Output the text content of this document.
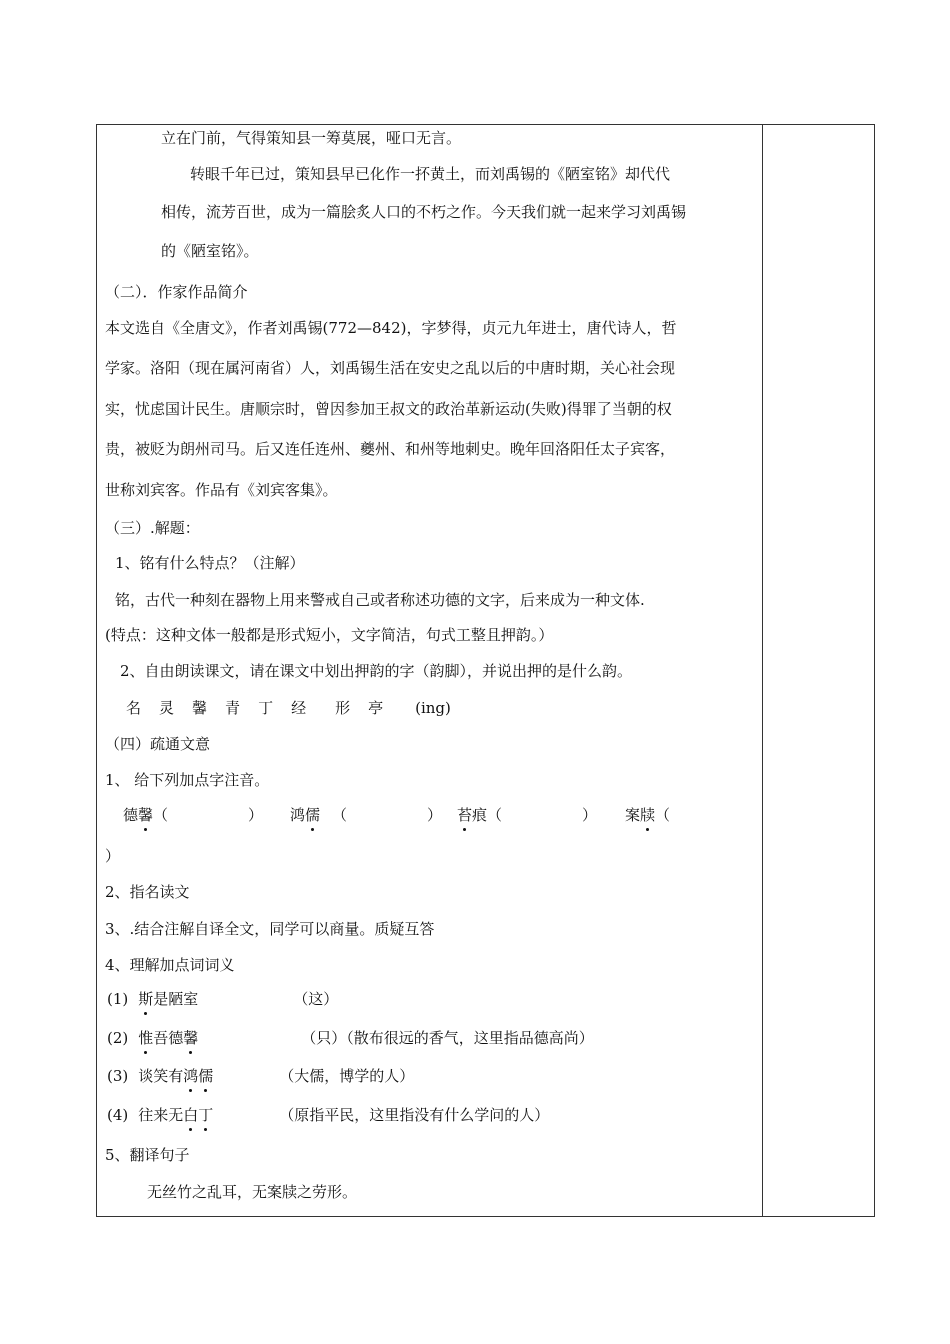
立在门前，气得策知县一筹莫展，哑口无言。
转眼千年已过，策知县早已化作一抔黄土，而刘禹锡的《陋室铭》却代代
相传，流芳百世，成为一篇脍炙人口的不朽之作。今天我们就一起来学习刘禹锡
的《陋室铭》。
（二）．作家作品简介
本文选自《全唐文》，作者刘禹锡(772—842)，字梦得，贞元九年进士，唐代诗人，哲
学家。洛阳（现在属河南省）人，刘禹锡生活在安史之乱以后的中唐时期，关心社会现
实，忧虑国计民生。唐顺宗时，曾因参加王叔文的政治革新运动(失败)得罪了当朝的权
贵，被贬为朗州司马。后又连任连州、夔州、和州等地刺史。晚年回洛阳任太子宾客，
世称刘宾客。作品有《刘宾客集》。
（三）.解题：
1、铭有什么特点？（注解）
铭，古代一种刻在器物上用来警戒自己或者称述功德的文字，后来成为一种文体.
(特点：这种文体一般都是形式短小，文字简洁，句式工整且押韵。）
2、自由朗读课文，请在课文中划出押韵的字（韵脚），并说出押的是什么韵。
名 灵 馨 青 丁 经 形 亭 (ing)
（四）疏通文意
1、 给下列加点字注音。
德馨（	） 鸿儒 （	） 苔痕（	） 案牍（
）
2、指名读文
3、.结合注解自译全文，同学可以商量。质疑互答
4、理解加点词词义
(1) 斯是陋室	（这）
(2) 惟吾德馨	（只）（散布很远的香气，这里指品德高尚）
(3) 谈笑有鸿儒	（大儒，博学的人）
(4) 往来无白丁	（原指平民，这里指没有什么学问的人）
5、翻译句子
无丝竹之乱耳，无案牍之劳形。
